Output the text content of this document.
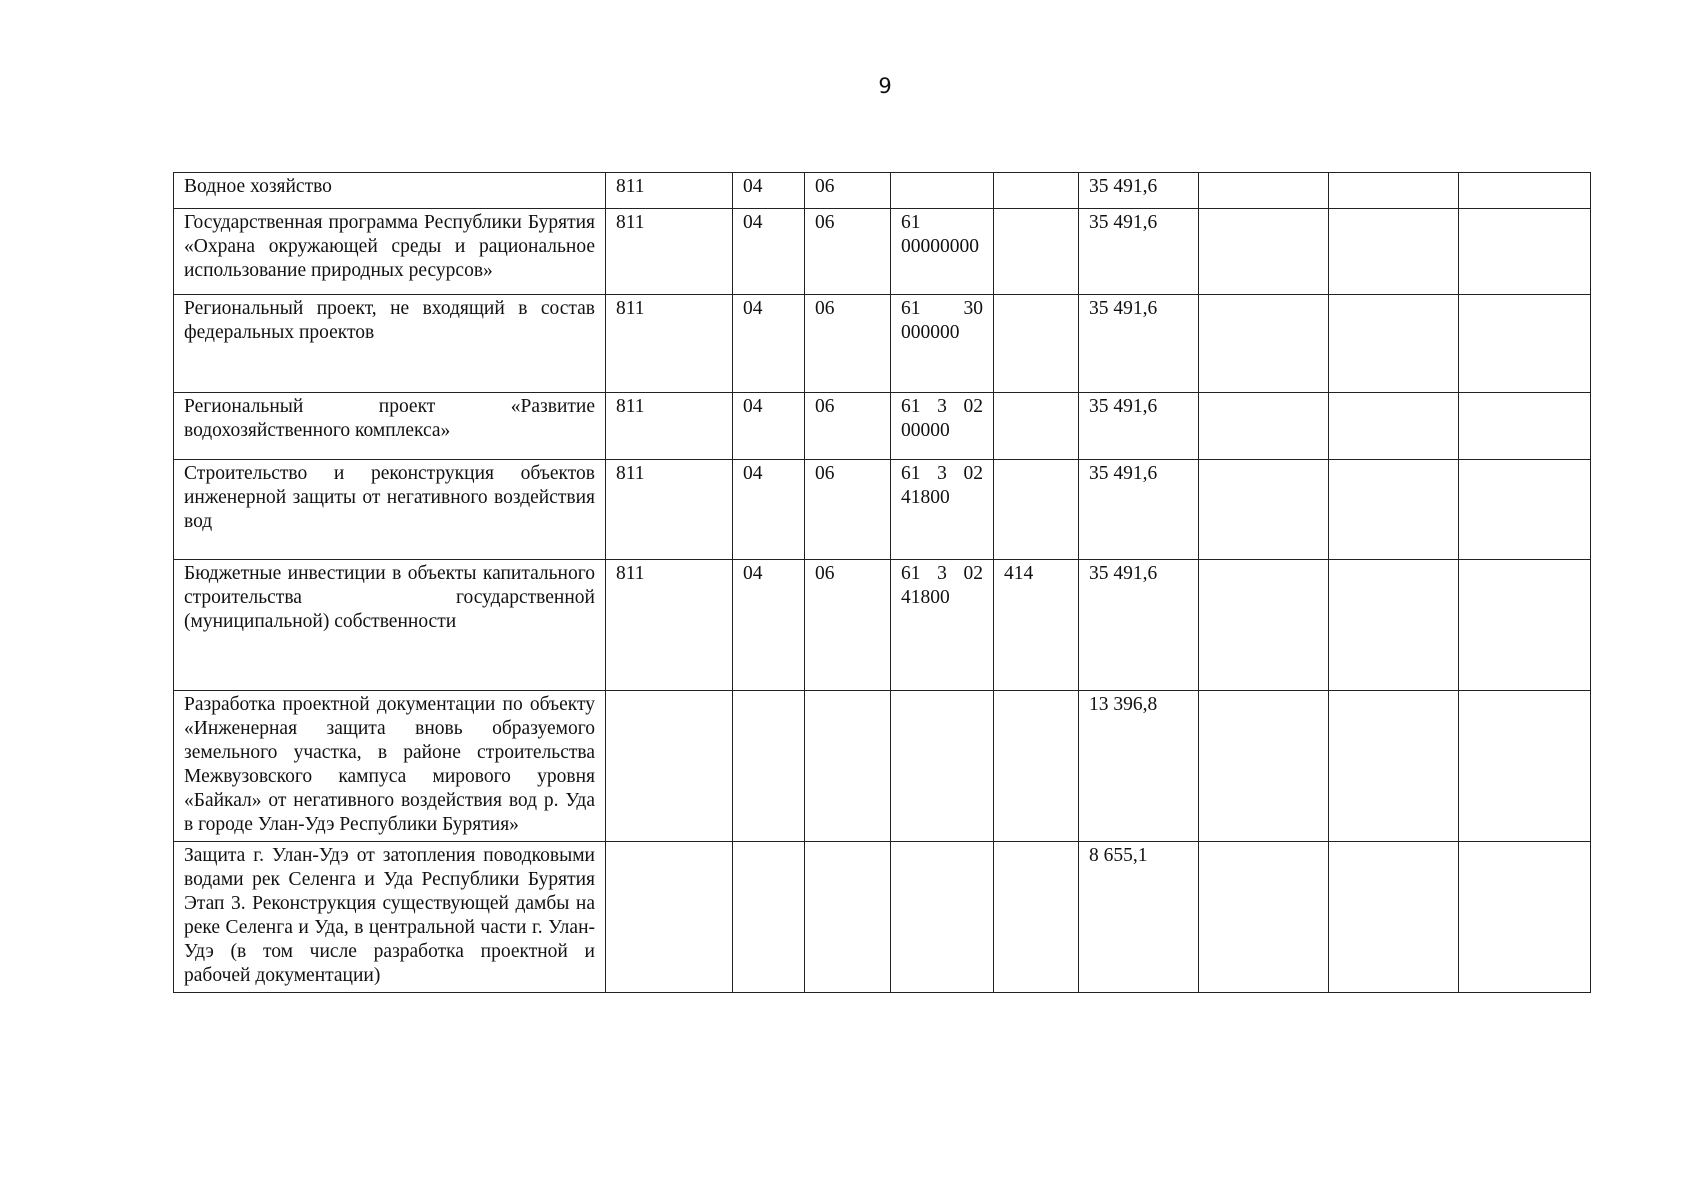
9
Водное хозяйство	811	04	06			35 491,6			
Государственная программа Республики Бурятия «Охрана окружающей среды и рациональное использование природных ресурсов»	811	04	06	61 00000000		35 491,6			
Региональный проект, не входящий в состав федеральных проектов	811	04	06	61 30 000000		35 491,6			
Региональный проект «Развитие водохозяйственного комплекса»	811	04	06	61 3 02 00000		35 491,6			
Строительство и реконструкция объектов инженерной защиты от негативного воздействия вод	811	04	06	61 3 02 41800		35 491,6			
Бюджетные инвестиции в объекты капитального строительства государственной (муниципальной) собственности	811	04	06	61 3 02 41800	414	35 491,6			
Разработка проектной документации по объекту «Инженерная защита вновь образуемого земельного участка, в районе строительства Межвузовского кампуса мирового уровня «Байкал» от негативного воздействия вод р. Уда в городе Улан-Удэ Республики Бурятия»						13 396,8			
Защита г. Улан-Удэ от затопления поводковыми водами рек Селенга и Уда Республики Бурятия Этап 3. Реконструкция существующей дамбы на реке Селенга и Уда, в центральной части г. Улан-Удэ (в том числе разработка проектной и рабочей документации)						8 655,1			
